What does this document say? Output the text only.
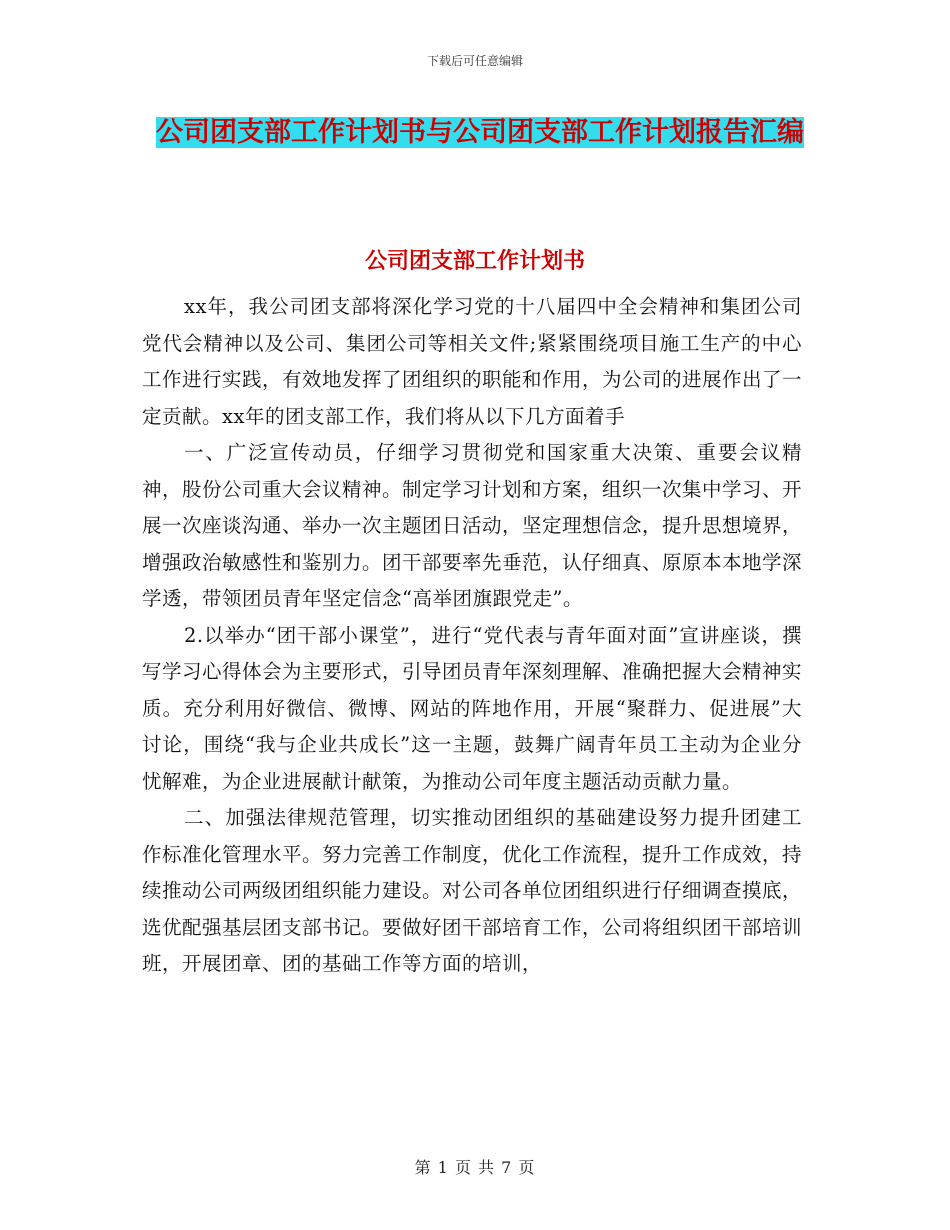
下载后可任意编辑
公司团支部工作计划书与公司团支部工作计划报告汇编
公司团支部工作计划书

xx年，我公司团支部将深化学习党的十八届四中全会精神和集团公司党代会精神以及公司、集团公司等相关文件;紧紧围绕项目施工生产的中心工作进行实践，有效地发挥了团组织的职能和作用，为公司的进展作出了一定贡献。xx年的团支部工作，我们将从以下几方面着手

一、广泛宣传动员，仔细学习贯彻党和国家重大决策、重要会议精神，股份公司重大会议精神。制定学习计划和方案，组织一次集中学习、开展一次座谈沟通、举办一次主题团日活动，坚定理想信念，提升思想境界，增强政治敏感性和鉴别力。团干部要率先垂范，认仔细真、原原本本地学深学透，带领团员青年坚定信念“高举团旗跟党走”。

2.以举办“团干部小课堂”，进行“党代表与青年面对面”宣讲座谈，撰写学习心得体会为主要形式，引导团员青年深刻理解、准确把握大会精神实质。充分利用好微信、微博、网站的阵地作用，开展“聚群力、促进展”大讨论，围绕“我与企业共成长”这一主题，鼓舞广阔青年员工主动为企业分忧解难，为企业进展献计献策，为推动公司年度主题活动贡献力量。

二、加强法律规范管理，切实推动团组织的基础建设努力提升团建工作标准化管理水平。努力完善工作制度，优化工作流程，提升工作成效，持续推动公司两级团组织能力建设。对公司各单位团组织进行仔细调查摸底，选优配强基层团支部书记。要做好团干部培育工作，公司将组织团干部培训班，开展团章、团的基础工作等方面的培训，

第 1 页 共 7 页
